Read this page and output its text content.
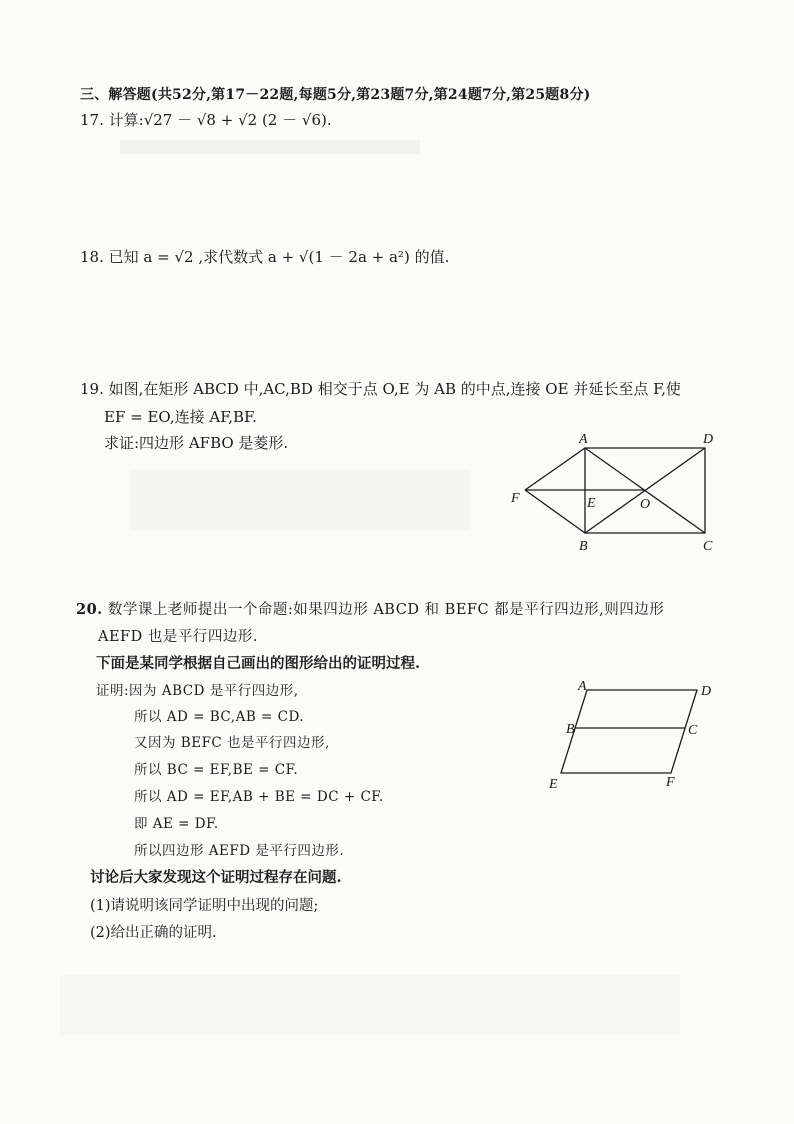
三、解答题(共52分,第17－22题,每题5分,第23题7分,第24题7分,第25题8分)
17. 计算:√27 － √8 + √2 (2 － √6).
18. 已知 a = √2 ,求代数式 a + √(1 － 2a + a²) 的值.
19. 如图,在矩形 ABCD 中,AC,BD 相交于点 O,E 为 AB 的中点,连接 OE 并延长至点 F,使
EF = EO,连接 AF,BF.
求证:四边形 AFBO 是菱形.	A	D
B	C
F	E	O
20. 数学课上老师提出一个命题:如果四边形 ABCD 和 BEFC 都是平行四边形,则四边形
AEFD 也是平行四边形.
下面是某同学根据自己画出的图形给出的证明过程.
证明:因为 ABCD 是平行四边形,
所以 AD = BC,AB = CD.
又因为 BEFC 也是平行四边形,
所以 BC = EF,BE = CF.
所以 AD = EF,AB + BE = DC + CF.
即 AE = DF.
所以四边形 AEFD 是平行四边形.
讨论后大家发现这个证明过程存在问题.
(1)请说明该同学证明中出现的问题;
(2)给出正确的证明.
A	D
B	C
E	F
